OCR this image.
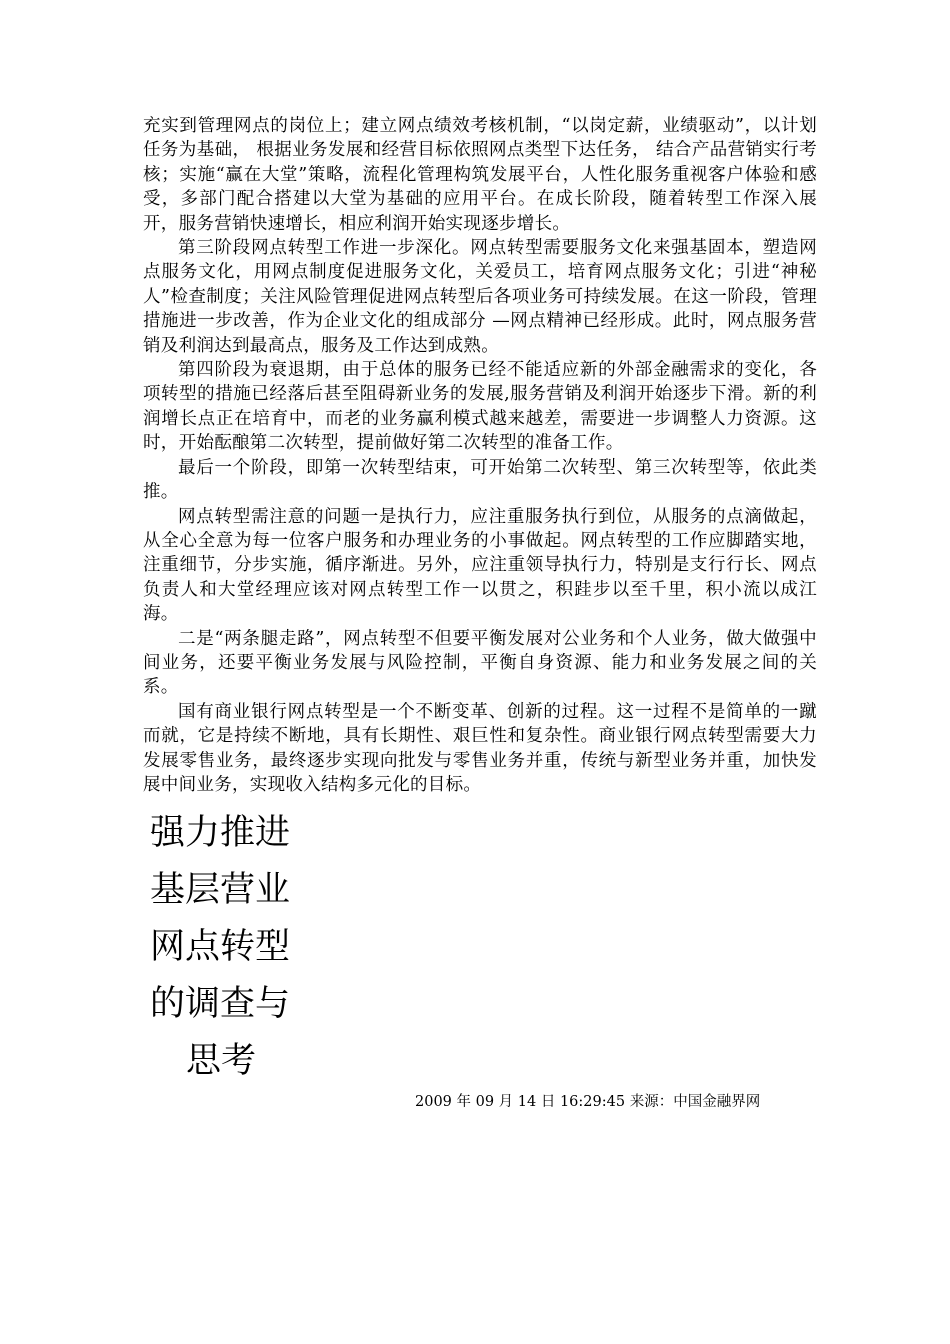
充实到管理网点的岗位上；建立网点绩效考核机制，“以岗定薪，业绩驱动”，以计划任务为基础， 根据业务发展和经营目标依照网点类型下达任务， 结合产品营销实行考核；实施“赢在大堂”策略，流程化管理构筑发展平台，人性化服务重视客户体验和感受，多部门配合搭建以大堂为基础的应用平台。在成长阶段，随着转型工作深入展开，服务营销快速增长，相应利润开始实现逐步增长。

第三阶段网点转型工作进一步深化。网点转型需要服务文化来强基固本，塑造网点服务文化，用网点制度促进服务文化，关爱员工，培育网点服务文化；引进“神秘人”检查制度；关注风险管理促进网点转型后各项业务可持续发展。在这一阶段，管理措施进一步改善，作为企业文化的组成部分 —网点精神已经形成。此时，网点服务营销及利润达到最高点，服务及工作达到成熟。

第四阶段为衰退期，由于总体的服务已经不能适应新的外部金融需求的变化，各项转型的措施已经落后甚至阻碍新业务的发展,服务营销及利润开始逐步下滑。新的利润增长点正在培育中，而老的业务赢利模式越来越差，需要进一步调整人力资源。这时，开始酝酿第二次转型，提前做好第二次转型的准备工作。

最后一个阶段，即第一次转型结束，可开始第二次转型、第三次转型等，依此类推。

网点转型需注意的问题一是执行力，应注重服务执行到位，从服务的点滴做起，从全心全意为每一位客户服务和办理业务的小事做起。网点转型的工作应脚踏实地，注重细节，分步实施，循序渐进。另外，应注重领导执行力，特别是支行行长、网点负责人和大堂经理应该对网点转型工作一以贯之，积跬步以至千里，积小流以成江海。

二是“两条腿走路”，网点转型不但要平衡发展对公业务和个人业务，做大做强中间业务，还要平衡业务发展与风险控制，平衡自身资源、能力和业务发展之间的关系。

国有商业银行网点转型是一个不断变革、创新的过程。这一过程不是简单的一蹴而就，它是持续不断地，具有长期性、艰巨性和复杂性。商业银行网点转型需要大力发展零售业务，最终逐步实现向批发与零售业务并重，传统与新型业务并重，加快发展中间业务，实现收入结构多元化的目标。

强力推进
基层营业
网点转型
的调查与
思考
2009 年 09 月 14 日 16:29:45 来源：中国金融界网
